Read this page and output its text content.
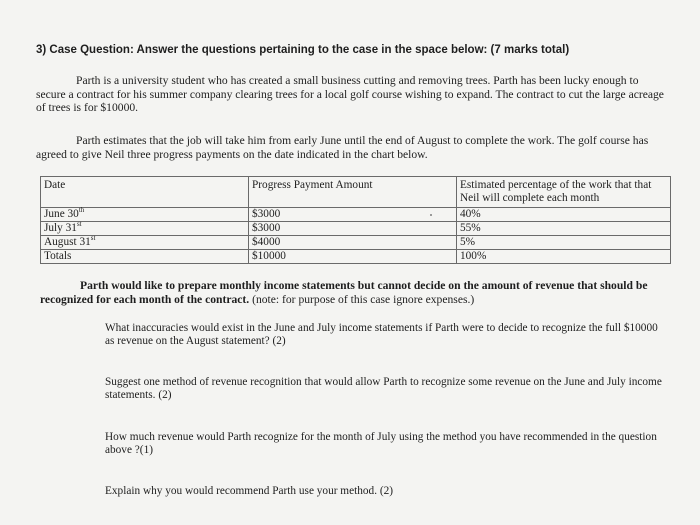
3) Case Question: Answer the questions pertaining to the case in the space below: (7 marks total)

Parth is a university student who has created a small business cutting and removing trees. Parth has been lucky enough to secure a contract for his summer company clearing trees for a local golf course wishing to expand. The contract to cut the large acreage of trees is for $10000.

Parth estimates that the job will take him from early June until the end of August to complete the work. The golf course has agreed to give Neil three progress payments on the date indicated in the chart below.

Date	Progress Payment Amount	Estimated percentage of the work that that Neil will complete each month
June 30th	$3000	40%
July 31st	$3000	55%
August 31st	$4000	5%
Totals	$10000	100%

Parth would like to prepare monthly income statements but cannot decide on the amount of revenue that should be recognized for each month of the contract. (note: for purpose of this case ignore expenses.)

What inaccuracies would exist in the June and July income statements if Parth were to decide to recognize the full $10000 as revenue on the August statement? (2)

Suggest one method of revenue recognition that would allow Parth to recognize some revenue on the June and July income statements. (2)

How much revenue would Parth recognize for the month of July using the method you have recommended in the question above ?(1)

Explain why you would recommend Parth use your method. (2)
